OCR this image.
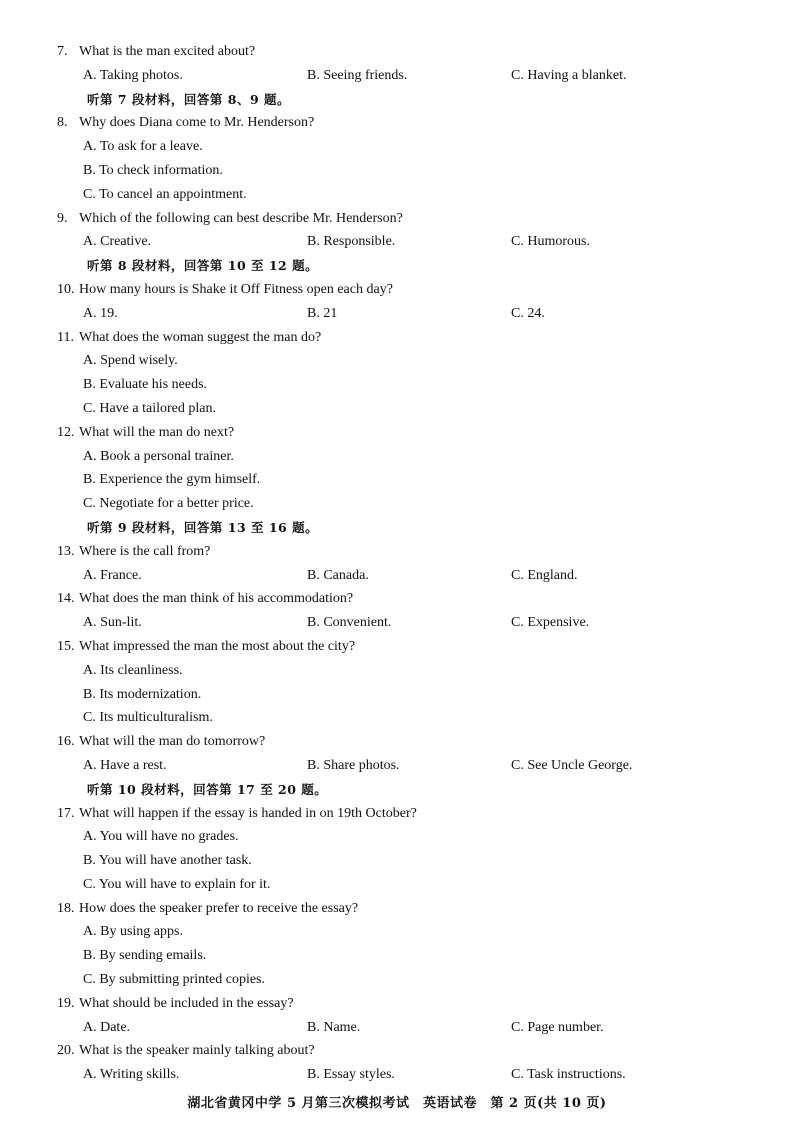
7. What is the man excited about?
A. Taking photos.	B. Seeing friends.	C. Having a blanket.
听第 7 段材料，回答第 8、9 题。
8. Why does Diana come to Mr. Henderson?
A. To ask for a leave.
B. To check information.
C. To cancel an appointment.
9. Which of the following can best describe Mr. Henderson?
A. Creative.	B. Responsible.	C. Humorous.
听第 8 段材料，回答第 10 至 12 题。
10. How many hours is Shake it Off Fitness open each day?
A. 19.	B. 21	C. 24.
11. What does the woman suggest the man do?
A. Spend wisely.
B. Evaluate his needs.
C. Have a tailored plan.
12. What will the man do next?
A. Book a personal trainer.
B. Experience the gym himself.
C. Negotiate for a better price.
听第 9 段材料，回答第 13 至 16 题。
13. Where is the call from?
A. France.	B. Canada.	C. England.
14. What does the man think of his accommodation?
A. Sun-lit.	B. Convenient.	C. Expensive.
15. What impressed the man the most about the city?
A. Its cleanliness.
B. Its modernization.
C. Its multiculturalism.
16. What will the man do tomorrow?
A. Have a rest.	B. Share photos.	C. See Uncle George.
听第 10 段材料，回答第 17 至 20 题。
17. What will happen if the essay is handed in on 19th October?
A. You will have no grades.
B. You will have another task.
C. You will have to explain for it.
18. How does the speaker prefer to receive the essay?
A. By using apps.
B. By sending emails.
C. By submitting printed copies.
19. What should be included in the essay?
A. Date.	B. Name.	C. Page number.
20. What is the speaker mainly talking about?
A. Writing skills.	B. Essay styles.	C. Task instructions.
湖北省黄冈中学 5 月第三次模拟考试　英语试卷　第 2 页(共 10 页)
